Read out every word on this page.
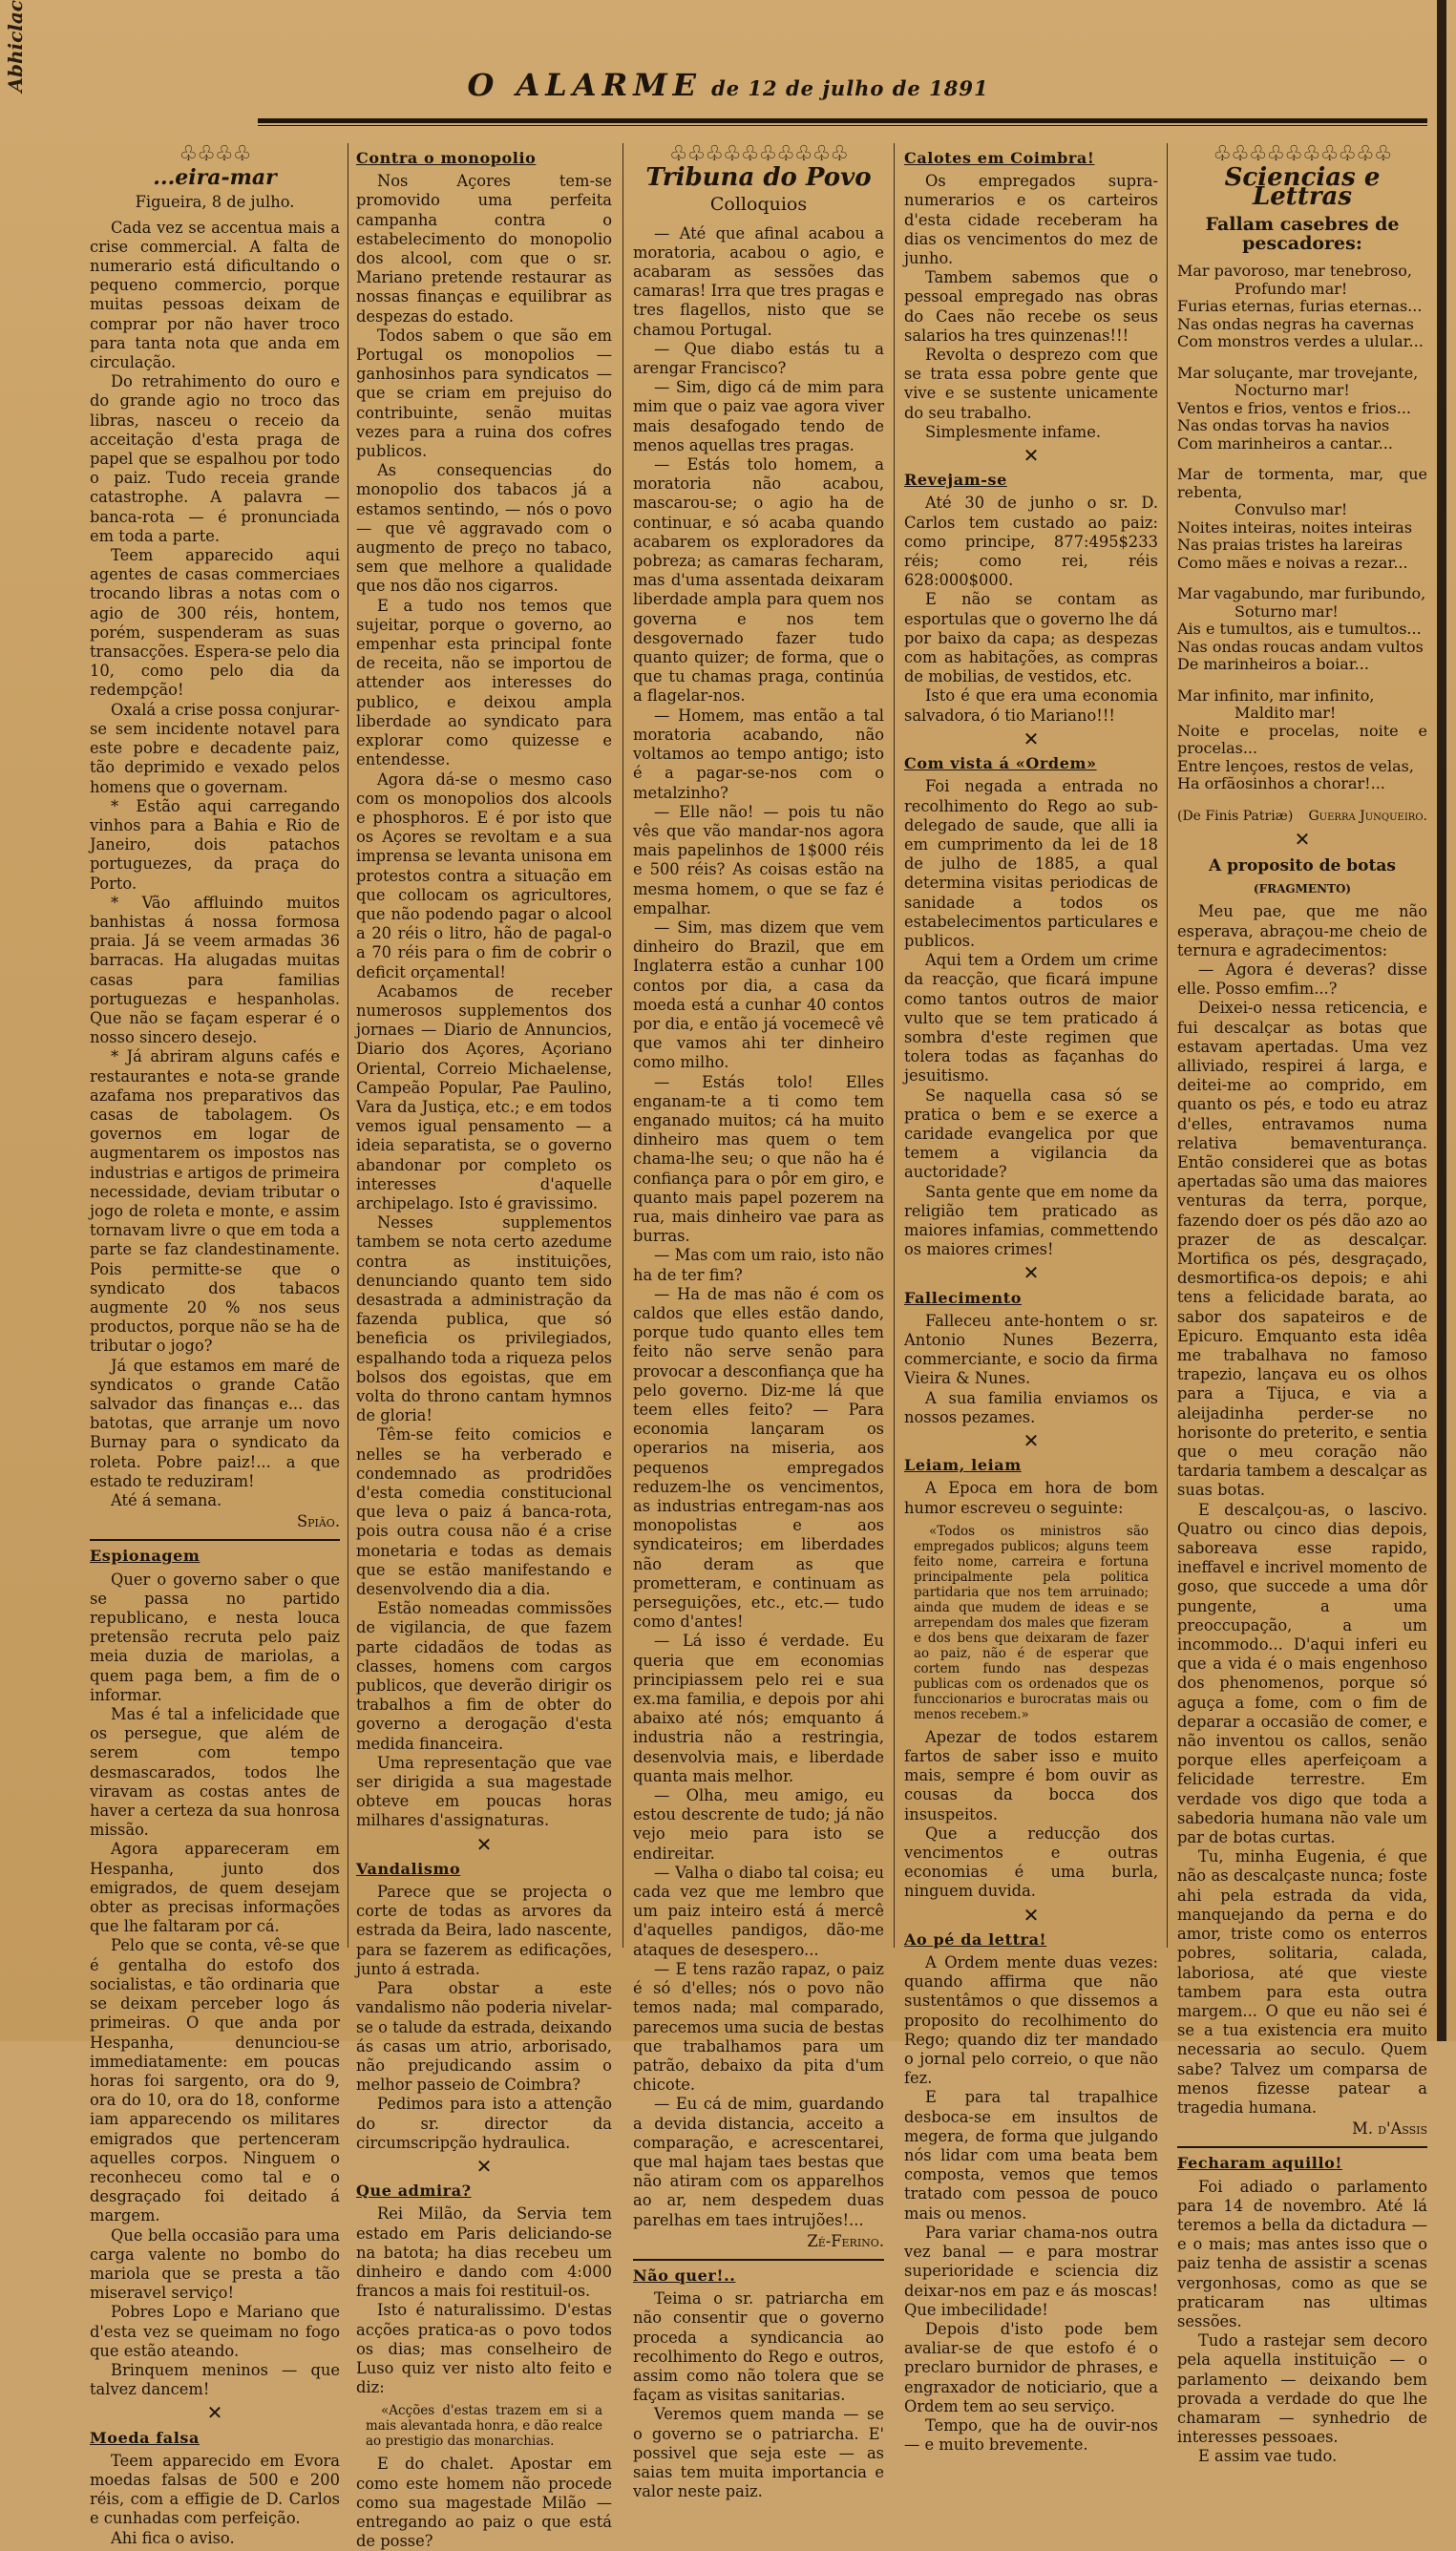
Abhiclac	O ALARME de 12 de julho de 1891
♧♧♧♧
...eira-mar
Figueira, 8 de julho.

Cada vez se accentua mais a crise commercial. A falta de numerario está dificultando o pequeno commercio, porque muitas pessoas deixam de comprar por não haver troco para tanta nota que anda em circulação.

Do retrahimento do ouro e do grande agio no troco das libras, nasceu o receio da acceitação d'esta praga de papel que se espalhou por todo o paiz. Tudo receia grande catastrophe. A palavra — banca-rota — é pronunciada em toda a parte.

Teem apparecido aqui agentes de casas commerciaes trocando libras a notas com o agio de 300 réis, hontem, porém, suspenderam as suas transacções. Espera-se pelo dia 10, como pelo dia da redempção!

Oxalá a crise possa conjurar-se sem incidente notavel para este pobre e decadente paiz, tão deprimido e vexado pelos homens que o governam.

* Estão aqui carregando vinhos para a Bahia e Rio de Janeiro, dois patachos portuguezes, da praça do Porto.

* Vão affluindo muitos banhistas á nossa formosa praia. Já se veem armadas 36 barracas. Ha alugadas muitas casas para familias portuguezas e hespanholas. Que não se façam esperar é o nosso sincero desejo.

* Já abriram alguns cafés e restaurantes e nota-se grande azafama nos preparativos das casas de tabolagem. Os governos em logar de augmentarem os impostos nas industrias e artigos de primeira necessidade, deviam tributar o jogo de roleta e monte, e assim tornavam livre o que em toda a parte se faz clandestinamente. Pois permitte-se que o syndicato dos tabacos augmente 20 % nos seus productos, porque não se ha de tributar o jogo?

Já que estamos em maré de syndicatos o grande Catão salvador das finanças e... das batotas, que arranje um novo Burnay para o syndicato da roleta. Pobre paiz!... a que estado te reduziram!

Até á semana.

Spião.
Espionagem

Quer o governo saber o que se passa no partido republicano, e nesta louca pretensão recruta pelo paiz meia duzia de mariolas, a quem paga bem, a fim de o informar.

Mas é tal a infelicidade que os persegue, que além de serem com tempo desmascarados, todos lhe viravam as costas antes de haver a certeza da sua honrosa missão.

Agora appareceram em Hespanha, junto dos emigrados, de quem desejam obter as precisas informações que lhe faltaram por cá.

Pelo que se conta, vê-se que é gentalha do estofo dos socialistas, e tão ordinaria que se deixam perceber logo ás primeiras. O que anda por Hespanha, denunciou-se immediatamente: em poucas horas foi sargento, ora do 9, ora do 10, ora do 18, conforme iam apparecendo os militares emigrados que pertenceram aquelles corpos. Ninguem o reconheceu como tal e o desgraçado foi deitado á margem.

Que bella occasião para uma carga valente no bombo do mariola que se presta a tão miseravel serviço!

Pobres Lopo e Mariano que d'esta vez se queimam no fogo que estão ateando.

Brinquem meninos — que talvez dancem!

✕
Moeda falsa

Teem apparecido em Evora moedas falsas de 500 e 200 réis, com a effigie de D. Carlos e cunhadas com perfeição.

Ahi fica o aviso.

Contra o monopolio

Nos Açores tem-se promovido uma perfeita campanha contra o estabelecimento do monopolio dos alcool, com que o sr. Mariano pretende restaurar as nossas finanças e equilibrar as despezas do estado.

Todos sabem o que são em Portugal os monopolios — ganhosinhos para syndicatos — que se criam em prejuiso do contribuinte, senão muitas vezes para a ruina dos cofres publicos.

As consequencias do monopolio dos tabacos já a estamos sentindo, — nós o povo — que vê aggravado com o augmento de preço no tabaco, sem que melhore a qualidade que nos dão nos cigarros.

E a tudo nos temos que sujeitar, porque o governo, ao empenhar esta principal fonte de receita, não se importou de attender aos interesses do publico, e deixou ampla liberdade ao syndicato para explorar como quizesse e entendesse.

Agora dá-se o mesmo caso com os monopolios dos alcools e phosphoros. E é por isto que os Açores se revoltam e a sua imprensa se levanta unisona em protestos contra a situação em que collocam os agricultores, que não podendo pagar o alcool a 20 réis o litro, hão de pagal-o a 70 réis para o fim de cobrir o deficit orçamental!

Acabamos de receber numerosos supplementos dos jornaes — Diario de Annuncios, Diario dos Açores, Açoriano Oriental, Correio Michaelense, Campeão Popular, Pae Paulino, Vara da Justiça, etc.; e em todos vemos igual pensamento — a ideia separatista, se o governo abandonar por completo os interesses d'aquelle archipelago. Isto é gravissimo.

Nesses supplementos tambem se nota certo azedume contra as instituições, denunciando quanto tem sido desastrada a administração da fazenda publica, que só beneficia os privilegiados, espalhando toda a riqueza pelos bolsos dos egoistas, que em volta do throno cantam hymnos de gloria!

Têm-se feito comicios e nelles se ha verberado e condemnado as prodridões d'esta comedia constitucional que leva o paiz á banca-rota, pois outra cousa não é a crise monetaria e todas as demais que se estão manifestando e desenvolvendo dia a dia.

Estão nomeadas commissões de vigilancia, de que fazem parte cidadãos de todas as classes, homens com cargos publicos, que deverão dirigir os trabalhos a fim de obter do governo a derogação d'esta medida financeira.

Uma representação que vae ser dirigida a sua magestade obteve em poucas horas milhares d'assignaturas.

✕
Vandalismo

Parece que se projecta o corte de todas as arvores da estrada da Beira, lado nascente, para se fazerem as edificações, junto á estrada.

Para obstar a este vandalismo não poderia nivelar-se o talude da estrada, deixando ás casas um atrio, arborisado, não prejudicando assim o melhor passeio de Coimbra?

Pedimos para isto a attenção do sr. director da circumscripção hydraulica.

✕
Que admira?

Rei Milão, da Servia tem estado em Paris deliciando-se na batota; ha dias recebeu um dinheiro e dando com 4:000 francos a mais foi restituil-os.

Isto é naturalissimo. D'estas acções pratica-as o povo todos os dias; mas conselheiro de Luso quiz ver nisto alto feito e diz:

«Acções d'estas trazem em si a mais alevantada honra, e dão realce ao prestigio das monarchias.

E do chalet. Apostar em como este homem não procede como sua magestade Milão — entregando ao paiz o que está de posse?

♧♧♧♧♧♧♧♧♧♧
Tribuna do Povo
Colloquios

— Até que afinal acabou a moratoria, acabou o agio, e acabaram as sessões das camaras! Irra que tres pragas e tres flagellos, nisto que se chamou Portugal.

— Que diabo estás tu a arengar Francisco?

— Sim, digo cá de mim para mim que o paiz vae agora viver mais desafogado tendo de menos aquellas tres pragas.

— Estás tolo homem, a moratoria não acabou, mascarou-se; o agio ha de continuar, e só acaba quando acabarem os exploradores da pobreza; as camaras fecharam, mas d'uma assentada deixaram liberdade ampla para quem nos governa e nos tem desgovernado fazer tudo quanto quizer; de forma, que o que tu chamas praga, continúa a flagelar-nos.

— Homem, mas então a tal moratoria acabando, não voltamos ao tempo antigo; isto é a pagar-se-nos com o metalzinho?

— Elle não! — pois tu não vês que vão mandar-nos agora mais papelinhos de 1$000 réis e 500 réis? As coisas estão na mesma homem, o que se faz é empalhar.

— Sim, mas dizem que vem dinheiro do Brazil, que em Inglaterra estão a cunhar 100 contos por dia, a casa da moeda está a cunhar 40 contos por dia, e então já vocemecê vê que vamos ahi ter dinheiro como milho.

— Estás tolo! Elles enganam-te a ti como tem enganado muitos; cá ha muito dinheiro mas quem o tem chama-lhe seu; o que não ha é confiança para o pôr em giro, e quanto mais papel pozerem na rua, mais dinheiro vae para as burras.

— Mas com um raio, isto não ha de ter fim?

— Ha de mas não é com os caldos que elles estão dando, porque tudo quanto elles tem feito não serve senão para provocar a desconfiança que ha pelo governo. Diz-me lá que teem elles feito? — Para economia lançaram os operarios na miseria, aos pequenos empregados reduzem-lhe os vencimentos, as industrias entregam-nas aos monopolistas e aos syndicateiros; em liberdades não deram as que prometteram, e continuam as perseguições, etc., etc.— tudo como d'antes!

— Lá isso é verdade. Eu queria que em economias principiassem pelo rei e sua ex.ma familia, e depois por ahi abaixo até nós; emquanto á industria não a restringia, desenvolvia mais, e liberdade quanta mais melhor.

— Olha, meu amigo, eu estou descrente de tudo; já não vejo meio para isto se endireitar.

— Valha o diabo tal coisa; eu cada vez que me lembro que um paiz inteiro está á mercê d'aquelles pandigos, dão-me ataques de desespero...

— E tens razão rapaz, o paiz é só d'elles; nós o povo não temos nada; mal comparado, parecemos uma sucia de bestas que trabalhamos para um patrão, debaixo da pita d'um chicote.

— Eu cá de mim, guardando a devida distancia, acceito a comparação, e acrescentarei, que mal hajam taes bestas que não atiram com os apparelhos ao ar, nem despedem duas parelhas em taes intrujões!...

Zé-Ferino.
Não quer!..

Teima o sr. patriarcha em não consentir que o governo proceda a syndicancia ao recolhimento do Rego e outros, assim como não tolera que se façam as visitas sanitarias.

Veremos quem manda — se o governo se o patriarcha. E' possivel que seja este — as saias tem muita importancia e valor neste paiz.

Calotes em Coimbra!

Os empregados supra-numerarios e os carteiros d'esta cidade receberam ha dias os vencimentos do mez de junho.

Tambem sabemos que o pessoal empregado nas obras do Caes não recebe os seus salarios ha tres quinzenas!!!

Revolta o desprezo com que se trata essa pobre gente que vive e se sustente unicamente do seu trabalho.

Simplesmente infame.

✕
Revejam-se

Até 30 de junho o sr. D. Carlos tem custado ao paiz: como principe, 877:495$233 réis; como rei, réis 628:000$000.

E não se contam as esportulas que o governo lhe dá por baixo da capa; as despezas com as habitações, as compras de mobilias, de vestidos, etc.

Isto é que era uma economia salvadora, ó tio Mariano!!!

✕
Com vista á «Ordem»

Foi negada a entrada no recolhimento do Rego ao sub-delegado de saude, que alli ia em cumprimento da lei de 18 de julho de 1885, a qual determina visitas periodicas de sanidade a todos os estabelecimentos particulares e publicos.

Aqui tem a Ordem um crime da reacção, que ficará impune como tantos outros de maior vulto que se tem praticado á sombra d'este regimen que tolera todas as façanhas do jesuitismo.

Se naquella casa só se pratica o bem e se exerce a caridade evangelica por que temem a vigilancia da auctoridade?

Santa gente que em nome da religião tem praticado as maiores infamias, commettendo os maiores crimes!

✕
Fallecimento

Falleceu ante-hontem o sr. Antonio Nunes Bezerra, commerciante, e socio da firma Vieira & Nunes.

A sua familia enviamos os nossos pezames.

✕
Leiam, leiam

A Epoca em hora de bom humor escreveu o seguinte:

«Todos os ministros são empregados publicos; alguns teem feito nome, carreira e fortuna principalmente pela politica partidaria que nos tem arruinado; ainda que mudem de ideas e se arrependam dos males que fizeram e dos bens que deixaram de fazer ao paiz, não é de esperar que cortem fundo nas despezas publicas com os ordenados que os funccionarios e burocratas mais ou menos recebem.»

Apezar de todos estarem fartos de saber isso e muito mais, sempre é bom ouvir as cousas da bocca dos insuspeitos.

Que a reducção dos vencimentos e outras economias é uma burla, ninguem duvida.

✕
Ao pé da lettra!

A Ordem mente duas vezes: quando affirma que não sustentâmos o que dissemos a proposito do recolhimento do Rego; quando diz ter mandado o jornal pelo correio, o que não fez.

E para tal trapalhice desboca-se em insultos de megera, de forma que julgando nós lidar com uma beata bem composta, vemos que temos tratado com pessoa de pouco mais ou menos.

Para variar chama-nos outra vez banal — e para mostrar superioridade e sciencia diz deixar-nos em paz e ás moscas! Que imbecilidade!

Depois d'isto pode bem avaliar-se de que estofo é o preclaro burnidor de phrases, e engraxador de noticiario, que a Ordem tem ao seu serviço.

Tempo, que ha de ouvir-nos — e muito brevemente.

♧♧♧♧♧♧♧♧♧♧
Sciencias e Lettras
Fallam casebres de pescadores:
Mar pavoroso, mar tenebroso,
Profundo mar!
Furias eternas, furias eternas...
Nas ondas negras ha cavernas
Com monstros verdes a ulular...
Mar soluçante, mar trovejante,
Nocturno mar!
Ventos e frios, ventos e frios...
Nas ondas torvas ha navios
Com marinheiros a cantar...
Mar de tormenta, mar, que rebenta,
Convulso mar!
Noites inteiras, noites inteiras
Nas praias tristes ha lareiras
Como mães e noivas a rezar...
Mar vagabundo, mar furibundo,
Soturno mar!
Ais e tumultos, ais e tumultos...
Nas ondas roucas andam vultos
De marinheiros a boiar...
Mar infinito, mar infinito,
Maldito mar!
Noite e procelas, noite e procelas...
Entre lençoes, restos de velas,
Ha orfãosinhos a chorar!...
(De Finis Patriæ) Guerra Junqueiro.
✕
A proposito de botas
(FRAGMENTO)

Meu pae, que me não esperava, abraçou-me cheio de ternura e agradecimentos:

— Agora é deveras? disse elle. Posso emfim...?

Deixei-o nessa reticencia, e fui descalçar as botas que estavam apertadas. Uma vez alliviado, respirei á larga, e deitei-me ao comprido, em quanto os pés, e todo eu atraz d'elles, entravamos numa relativa bemaventurança. Então considerei que as botas apertadas são uma das maiores venturas da terra, porque, fazendo doer os pés dão azo ao prazer de as descalçar. Mortifica os pés, desgraçado, desmortifica-os depois; e ahi tens a felicidade barata, ao sabor dos sapateiros e de Epicuro. Emquanto esta idêa me trabalhava no famoso trapezio, lançava eu os olhos para a Tijuca, e via a aleijadinha perder-se no horisonte do preterito, e sentia que o meu coração não tardaria tambem a descalçar as suas botas.

E descalçou-as, o lascivo. Quatro ou cinco dias depois, saboreava esse rapido, ineffavel e incrivel momento de goso, que succede a uma dôr pungente, a uma preoccupação, a um incommodo... D'aqui inferi eu que a vida é o mais engenhoso dos phenomenos, porque só aguça a fome, com o fim de deparar a occasião de comer, e não inventou os callos, senão porque elles aperfeiçoam a felicidade terrestre. Em verdade vos digo que toda a sabedoria humana não vale um par de botas curtas.

Tu, minha Eugenia, é que não as descalçaste nunca; foste ahi pela estrada da vida, manquejando da perna e do amor, triste como os enterros pobres, solitaria, calada, laboriosa, até que vieste tambem para esta outra margem... O que eu não sei é se a tua existencia era muito necessaria ao seculo. Quem sabe? Talvez um comparsa de menos fizesse patear a tragedia humana.

M. d'Assis
Fecharam aquillo!

Foi adiado o parlamento para 14 de novembro. Até lá teremos a bella da dictadura — e o mais; mas antes isso que o paiz tenha de assistir a scenas vergonhosas, como as que se praticaram nas ultimas sessões.

Tudo a rastejar sem decoro pela aquella instituição — o parlamento — deixando bem provada a verdade do que lhe chamaram — synhedrio de interesses pessoaes.

E assim vae tudo.
